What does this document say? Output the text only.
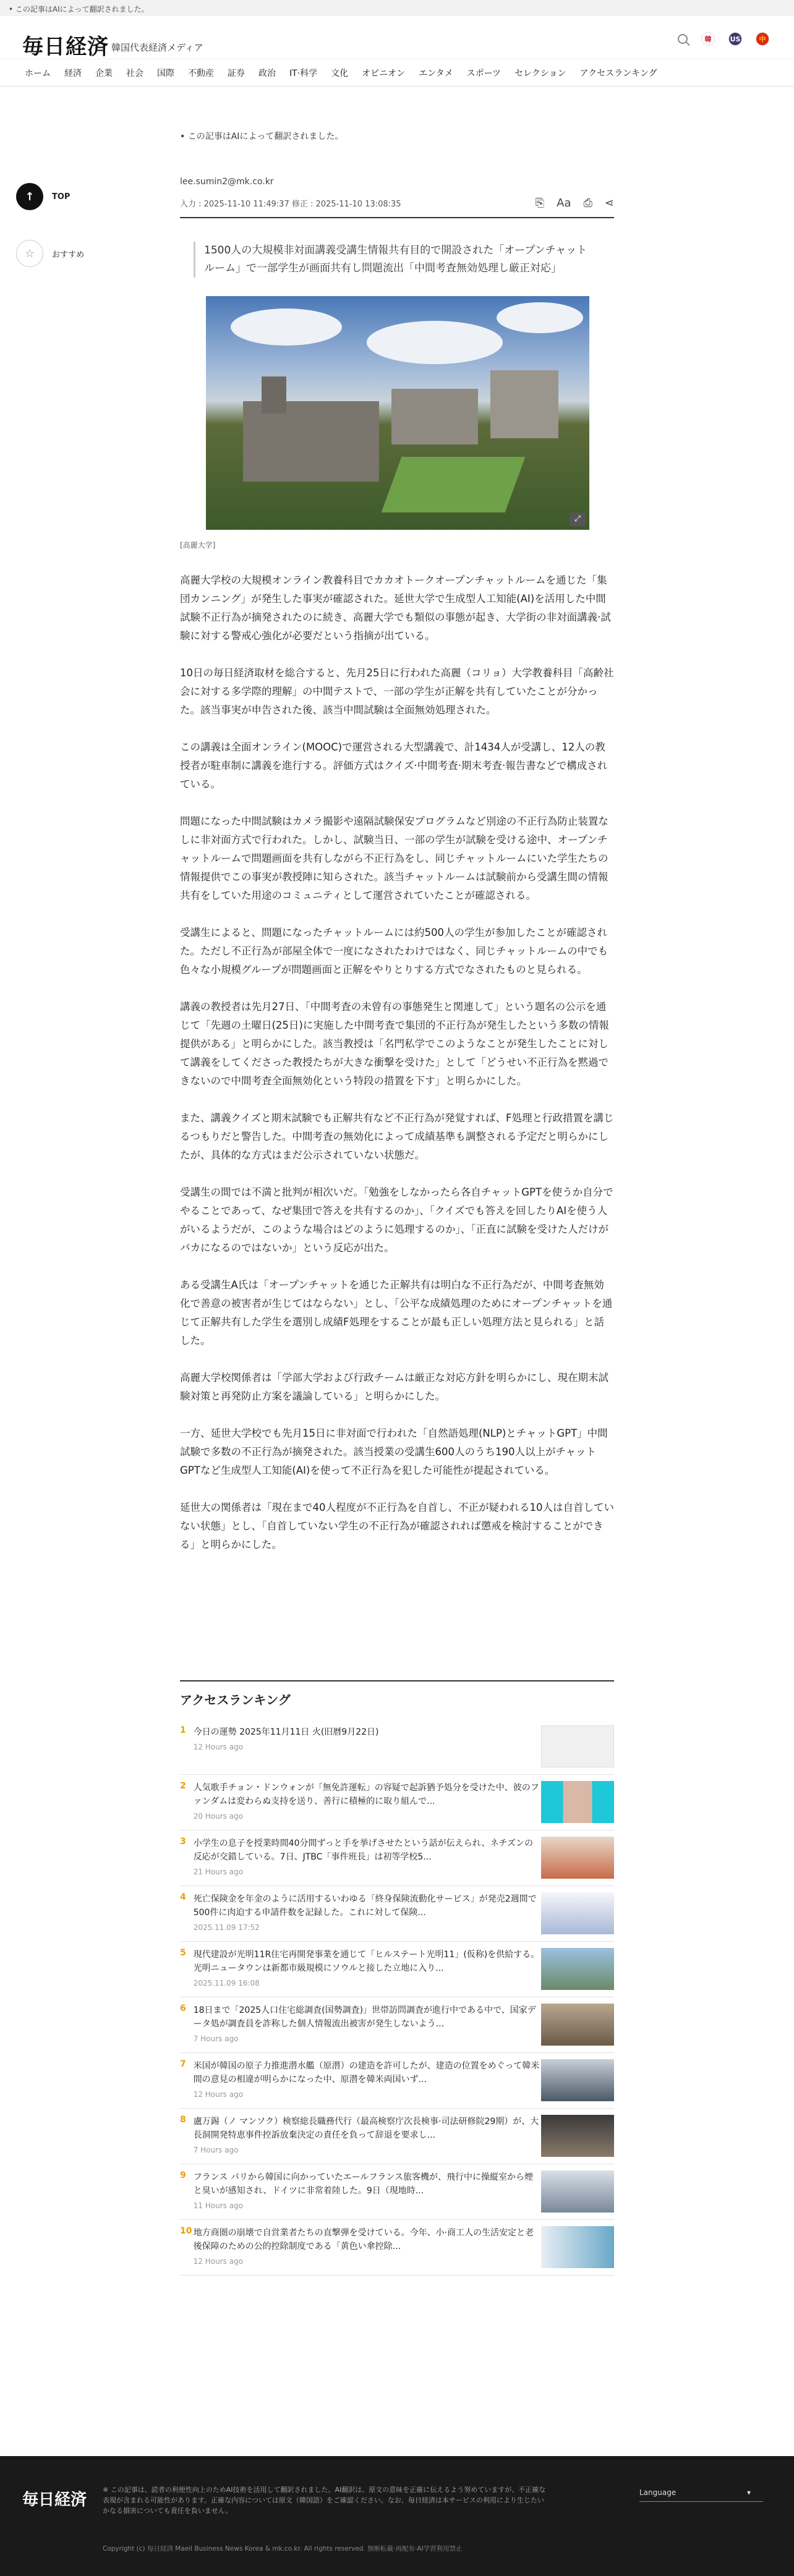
• この記事はAIによって翻訳されました。
毎日経済 韓国代表経済メディア
韓	US	中
ホーム 経済 企業 社会 国際 不動産 証券 政治 IT·科学 文化 オピニオン エンタメ スポーツ セレクション アクセスランキング
↑	TOP
☆	おすすめ
• この記事はAIによって翻訳されました。
lee.sumin2@mk.co.kr
入力 : 2025-11-10 11:49:37 修正 : 2025-11-10 13:08:35	⎘ Aa ⎙ ⋖
1500人の大規模非対面講義受講生情報共有目的で開設された「オープンチャットルーム」で一部学生が画面共有し問題流出「中間考査無効処理し厳正対応」
⤢
[高麗大学]

高麗大学校の大規模オンライン教養科目でカカオトークオープンチャットルームを通じた「集団カンニング」が発生した事実が確認された。延世大学で生成型人工知能(AI)を活用した中間試験不正行為が摘発されたのに続き、高麗大学でも類似の事態が起き、大学街の非対面講義·試験に対する警戒心強化が必要だという指摘が出ている。

10日の毎日経済取材を総合すると、先月25日に行われた高麗（コリョ）大学教養科目「高齢社会に対する多学際的理解」の中間テストで、一部の学生が正解を共有していたことが分かった。該当事実が申告された後、該当中間試験は全面無効処理された。

この講義は全面オンライン(MOOC)で運営される大型講義で、計1434人が受講し、12人の教授者が駐車制に講義を進行する。評価方式はクイズ·中間考査·期末考査·報告書などで構成されている。

問題になった中間試験はカメラ撮影や遠隔試験保安プログラムなど別途の不正行為防止装置なしに非対面方式で行われた。しかし、試験当日、一部の学生が試験を受ける途中、オープンチャットルームで問題画面を共有しながら不正行為をし、同じチャットルームにいた学生たちの情報提供でこの事実が教授陣に知らされた。該当チャットルームは試験前から受講生間の情報共有をしていた用途のコミュニティとして運営されていたことが確認される。

受講生によると、問題になったチャットルームには約500人の学生が参加したことが確認された。ただし不正行為が部屋全体で一度になされたわけではなく、同じチャットルームの中でも色々な小規模グループが問題画面と正解をやりとりする方式でなされたものと見られる。

講義の教授者は先月27日、「中間考査の未曾有の事態発生と関連して」という題名の公示を通じて「先週の土曜日(25日)に実施した中間考査で集団的不正行為が発生したという多数の情報提供がある」と明らかにした。該当教授は「名門私学でこのようなことが発生したことに対して講義をしてくださった教授たちが大きな衝撃を受けた」として「どうせい不正行為を黙過できないので中間考査全面無効化という特段の措置を下す」と明らかにした。

また、講義クイズと期末試験でも正解共有など不正行為が発覚すれば、F処理と行政措置を講じるつもりだと警告した。中間考査の無効化によって成績基準も調整される予定だと明らかにしたが、具体的な方式はまだ公示されていない状態だ。

受講生の間では不満と批判が相次いだ。「勉強をしなかったら各自チャットGPTを使うか自分でやることであって、なぜ集団で答えを共有するのか」、「クイズでも答えを回したりAIを使う人がいるようだが、このような場合はどのように処理するのか」、「正直に試験を受けた人だけがバカになるのではないか」という反応が出た。

ある受講生A氏は「オープンチャットを通じた正解共有は明白な不正行為だが、中間考査無効化で善意の被害者が生じてはならない」とし、「公平な成績処理のためにオープンチャットを通じて正解共有した学生を選別し成績F処理をすることが最も正しい処理方法と見られる」と話した。

高麗大学校関係者は「学部大学および行政チームは厳正な対応方針を明らかにし、現在期末試験対策と再発防止方案を議論している」と明らかにした。

一方、延世大学校でも先月15日に非対面で行われた「自然語処理(NLP)とチャットGPT」中間試験で多数の不正行為が摘発された。該当授業の受講生600人のうち190人以上がチャットGPTなど生成型人工知能(AI)を使って不正行為を犯した可能性が提起されている。

延世大の関係者は「現在まで40人程度が不正行為を自首し、不正が疑われる10人は自首していない状態」とし、「自首していない学生の不正行為が確認されれば懲戒を検討することができる」と明らかにした。

アクセスランキング
1 今日の運勢 2025年11月11日 火(旧暦9月22日)
12 Hours ago
2 人気歌手チョン・ドンウォンが「無免許運転」の容疑で起訴猶予処分を受けた中、彼のファンダムは変わらぬ支持を送り、善行に積極的に取り組んで...
20 Hours ago
3 小学生の息子を授業時間40分間ずっと手を挙げさせたという話が伝えられ、ネチズンの反応が交錯している。7日、JTBC「事件班長」は初等学校5...
21 Hours ago
4 死亡保険金を年金のように活用するいわゆる「終身保険流動化サービス」が発売2週間で500件に肉迫する申請件数を記録した。これに対して保険...
2025.11.09 17:52
5 現代建設が光明11R住宅再開発事業を通じて「ヒルステート光明11」(仮称)を供給する。光明ニュータウンは新都市級規模にソウルと接した立地に入り...
2025.11.09 16:08
6 18日まで「2025人口住宅総調査(国勢調査)」世帯訪問調査が進行中である中で、国家データ処が調査員を詐称した個人情報流出被害が発生しないよう...
7 Hours ago
7 米国が韓国の原子力推進潜水艦（原潜）の建造を許可したが、建造の位置をめぐって韓米間の意見の相違が明らかになった中、原潜を韓米両国いず...
12 Hours ago
8 盧万錫（ノ マンソク）検察総長職務代行（最高検察庁次長検事·司法研修院29期）が、大長洞開発特恵事件控訴放棄決定の責任を負って辞退を要求し...
7 Hours ago
9 フランス パリから韓国に向かっていたエールフランス旅客機が、飛行中に操縦室から煙と臭いが感知され、ドイツに非常着陸した。9日（現地時...
11 Hours ago
10 地方商圏の崩壊で自営業者たちの直撃弾を受けている。今年、小·商工人の生活安定と老後保障のための公的控除制度である「黄色い傘控除...
12 Hours ago
毎日経済
※ この記事は、読者の利便性向上のためAI技術を活用して翻訳されました。AI翻訳は、原文の意味を正確に伝えるよう努めていますが、不正確な表現が含まれる可能性があります。正確な内容については原文（韓国語）をご確認ください。なお、毎日経済は本サービスの利用により生じたいかなる損害についても責任を負いません。
Copyright (c) 毎日経済 Maeil Business News Korea & mk.co.kr. All rights reserved. 無断転載·再配布·AI学習利用禁止
Language	▾
